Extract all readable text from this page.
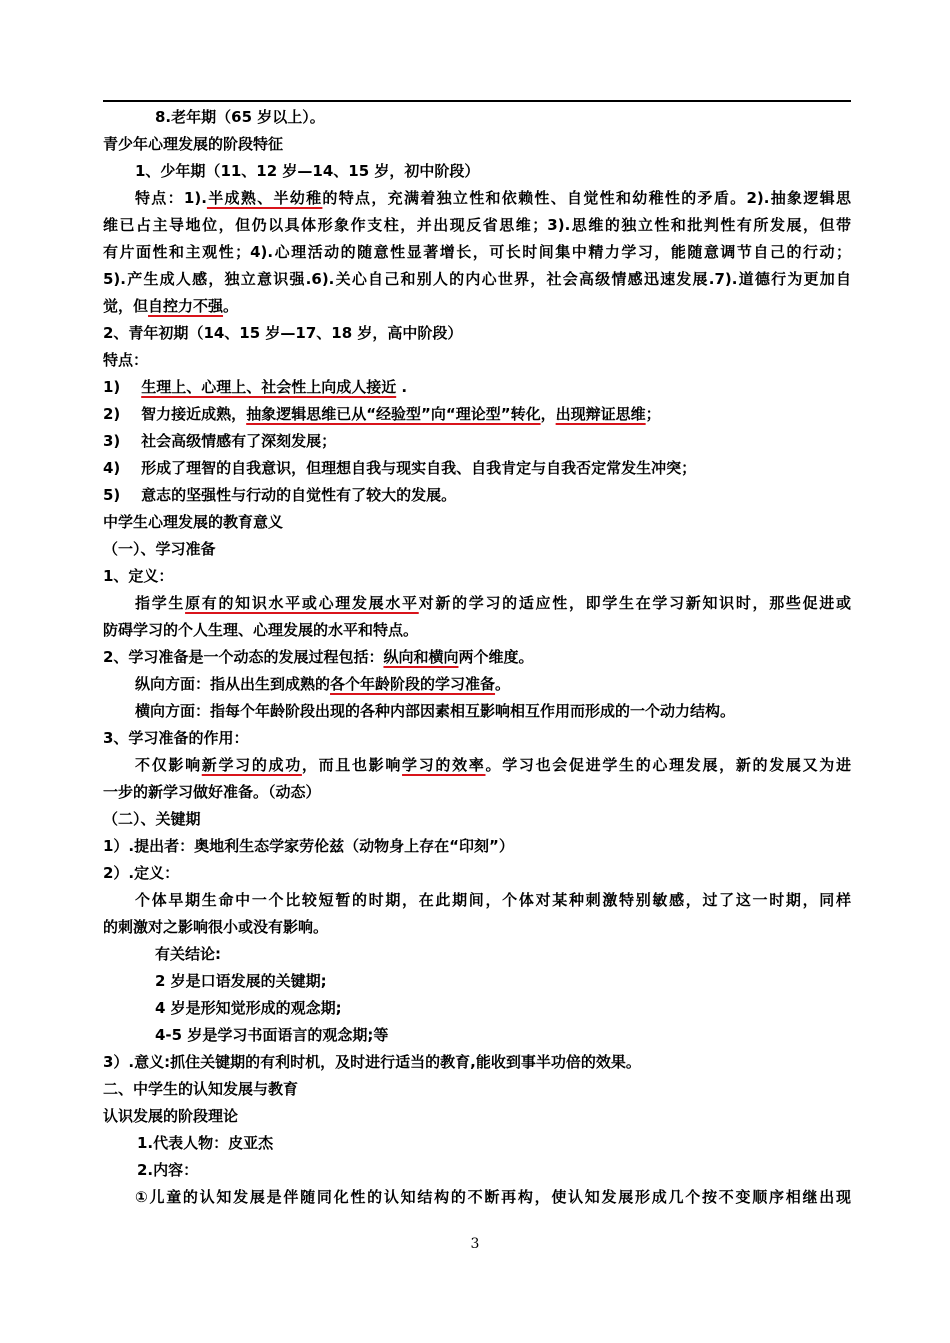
8.老年期（65 岁以上）。
青少年心理发展的阶段特征
1、少年期（11、12 岁—14、15 岁，初中阶段）
特点：1).半成熟、半幼稚的特点，充满着独立性和依赖性、自觉性和幼稚性的矛盾。2).抽象逻辑思
维已占主导地位，但仍以具体形象作支柱，并出现反省思维；3).思维的独立性和批判性有所发展，但带
有片面性和主观性；4).心理活动的随意性显著增长，可长时间集中精力学习，能随意调节自己的行动；
5).产生成人感，独立意识强.6).关心自己和别人的内心世界，社会高级情感迅速发展.7).道德行为更加自
觉，但自控力不强。
2、青年初期（14、15 岁—17、18 岁，高中阶段）
特点：
1)    生理上、心理上、社会性上向成人接近 .
2)    智力接近成熟，抽象逻辑思维已从“经验型”向“理论型”转化，出现辩证思维；
3)    社会高级情感有了深刻发展；
4)    形成了理智的自我意识，但理想自我与现实自我、自我肯定与自我否定常发生冲突；
5)    意志的坚强性与行动的自觉性有了较大的发展。
中学生心理发展的教育意义
（一）、学习准备
1、定义：
指学生原有的知识水平或心理发展水平对新的学习的适应性，即学生在学习新知识时，那些促进或
防碍学习的个人生理、心理发展的水平和特点。
2、学习准备是一个动态的发展过程包括：纵向和横向两个维度。
纵向方面：指从出生到成熟的各个年龄阶段的学习准备。
横向方面：指每个年龄阶段出现的各种内部因素相互影响相互作用而形成的一个动力结构。
3、学习准备的作用：
不仅影响新学习的成功，而且也影响学习的效率。学习也会促进学生的心理发展，新的发展又为进
一步的新学习做好准备。（动态）
（二）、关键期
1）.提出者：奥地利生态学家劳伦兹（动物身上存在“印刻”）
2）.定义：
个体早期生命中一个比较短暂的时期，在此期间，个体对某种刺激特别敏感，过了这一时期，同样
的刺激对之影响很小或没有影响。
有关结论:
2 岁是口语发展的关键期;
4 岁是形知觉形成的观念期;
4-5 岁是学习书面语言的观念期;等
3）.意义:抓住关键期的有利时机，及时进行适当的教育,能收到事半功倍的效果。
二、中学生的认知发展与教育
认识发展的阶段理论
1.代表人物：皮亚杰
2.内容：
①儿童的认知发展是伴随同化性的认知结构的不断再构，使认知发展形成几个按不变顺序相继出现
3
